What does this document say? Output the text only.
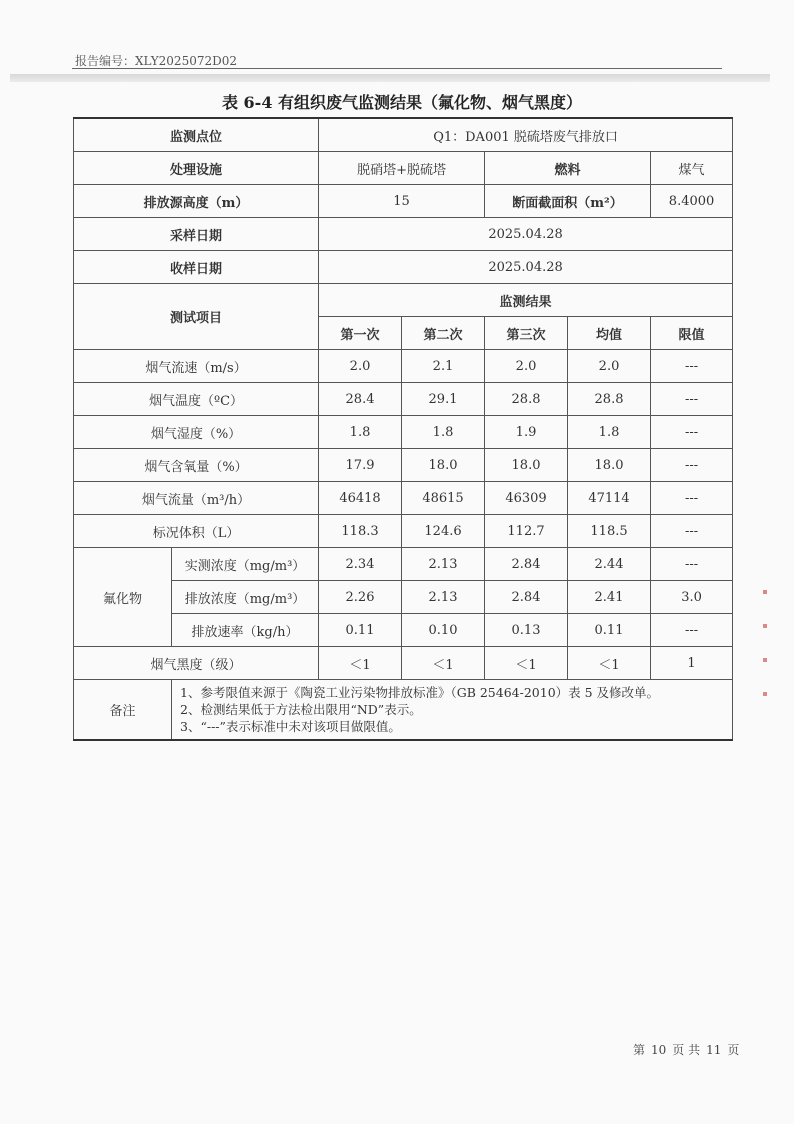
报告编号：XLY2025072D02
表 6-4 有组织废气监测结果（氟化物、烟气黑度）
监测点位		Q1：DA001 脱硫塔废气排放口				
处理设施		脱硝塔+脱硫塔		燃料		煤气
排放源高度（m）		15		断面截面积（m²）		8.4000
采样日期		2025.04.28				
收样日期		2025.04.28				
测试项目		监测结果				
		第一次	第二次	第三次	均值	限值
烟气流速（m/s）		2.0	2.1	2.0	2.0	---
烟气温度（ºC）		28.4	29.1	28.8	28.8	---
烟气湿度（%）		1.8	1.8	1.9	1.8	---
烟气含氧量（%）		17.9	18.0	18.0	18.0	---
烟气流量（m³/h）		46418	48615	46309	47114	---
标况体积（L）		118.3	124.6	112.7	118.5	---
氟化物	实测浓度（mg/m³）	2.34	2.13	2.84	2.44	---
	排放浓度（mg/m³）	2.26	2.13	2.84	2.41	3.0
	排放速率（kg/h）	0.11	0.10	0.13	0.11	---
烟气黑度（级）		＜1	＜1	＜1	＜1	1
备注	1、参考限值来源于《陶瓷工业污染物排放标准》（GB 25464-2010）表 5 及修改单。
2、检测结果低于方法检出限用“ND”表示。
3、“---”表示标准中未对该项目做限值。					
第 10 页 共 11 页
